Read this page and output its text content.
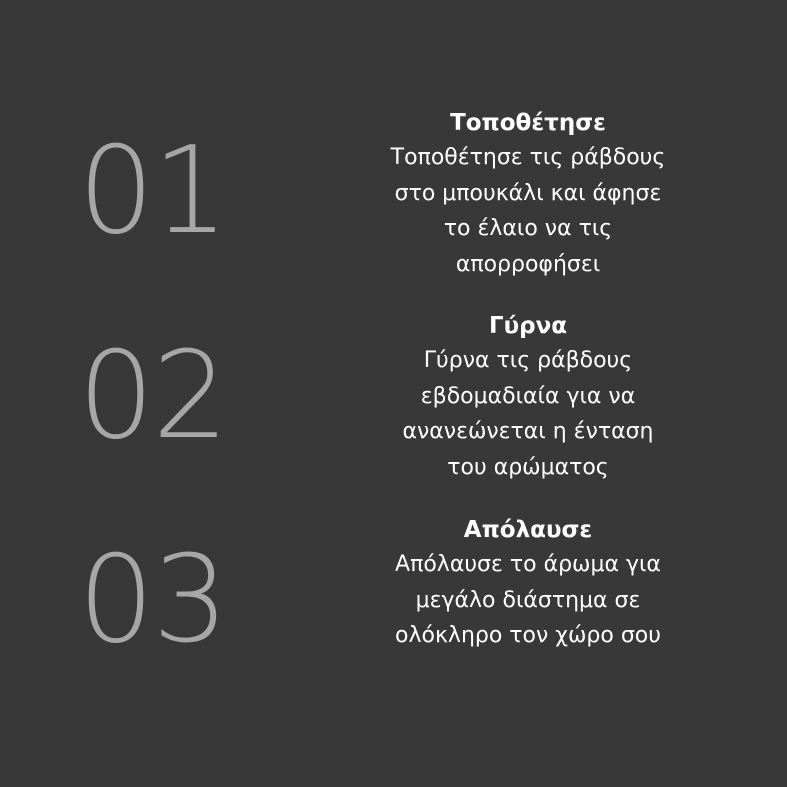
01	Τοποθέτησε
Τοποθέτησε τις ράβδους
στο μπουκάλι και άφησε
το έλαιο να τις
απορροφήσει
02
Γύρνα
Γύρνα τις ράβδους
εβδομαδιαία για να
ανανεώνεται η ένταση
του αρώματος
03
Απόλαυσε
Απόλαυσε το άρωμα για
μεγάλο διάστημα σε
ολόκληρο τον χώρο σου
